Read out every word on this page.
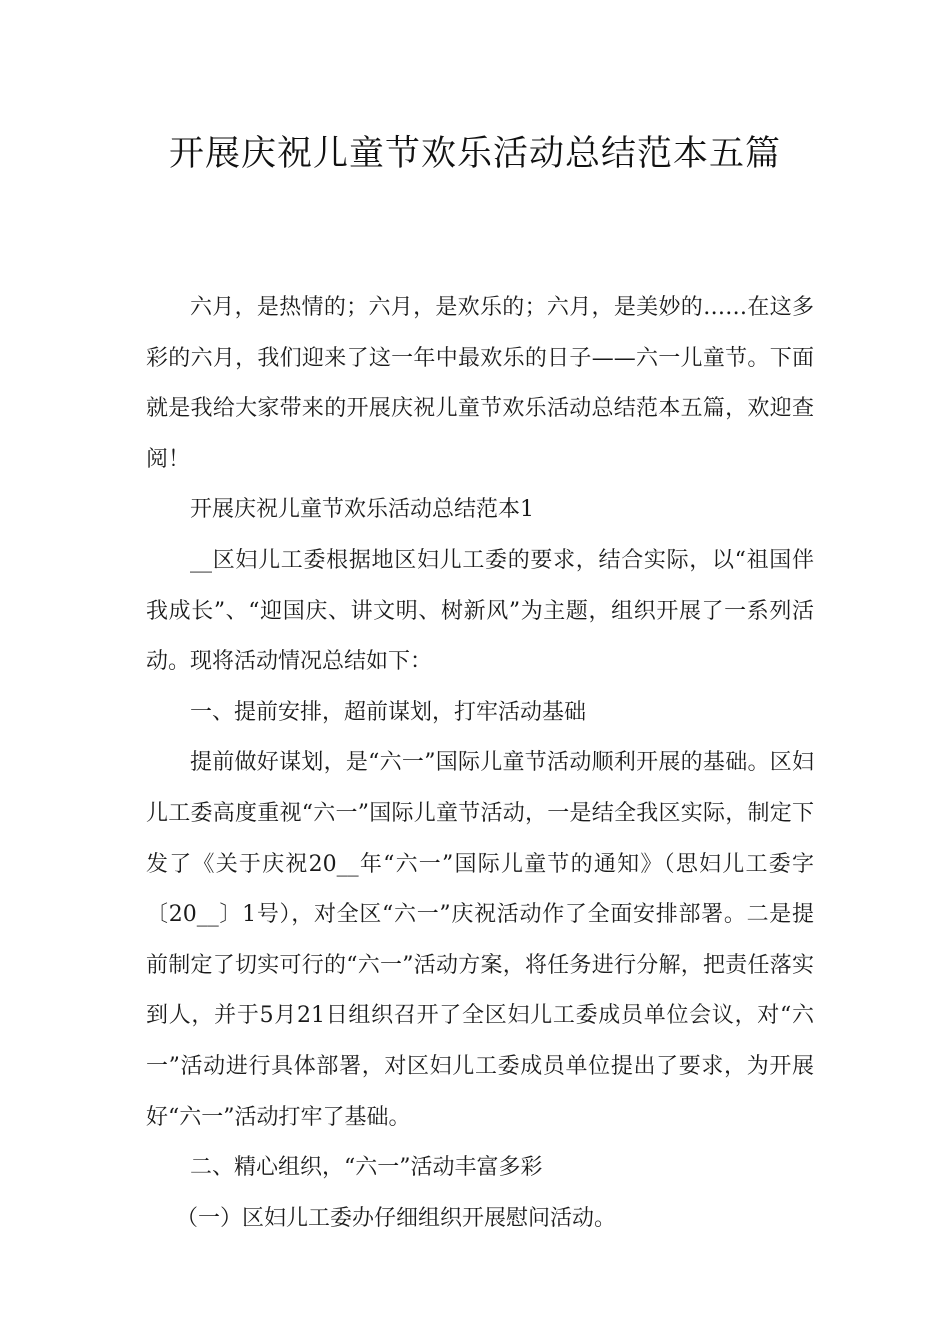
开展庆祝儿童节欢乐活动总结范本五篇

六月，是热情的；六月，是欢乐的；六月，是美妙的……在这多彩的六月，我们迎来了这一年中最欢乐的日子——六一儿童节。下面就是我给大家带来的开展庆祝儿童节欢乐活动总结范本五篇，欢迎查阅！

开展庆祝儿童节欢乐活动总结范本1

__区妇儿工委根据地区妇儿工委的要求，结合实际，以“祖国伴我成长”、“迎国庆、讲文明、树新风”为主题，组织开展了一系列活动。现将活动情况总结如下：

一、提前安排，超前谋划，打牢活动基础

提前做好谋划，是“六一”国际儿童节活动顺利开展的基础。区妇儿工委高度重视“六一”国际儿童节活动，一是结全我区实际，制定下发了《关于庆祝20__年“六一”国际儿童节的通知》（思妇儿工委字〔20__〕1号），对全区“六一”庆祝活动作了全面安排部署。二是提前制定了切实可行的“六一”活动方案，将任务进行分解，把责任落实到人，并于5月21日组织召开了全区妇儿工委成员单位会议，对“六一”活动进行具体部署，对区妇儿工委成员单位提出了要求，为开展好“六一”活动打牢了基础。

二、精心组织，“六一”活动丰富多彩

（一）区妇儿工委办仔细组织开展慰问活动。
